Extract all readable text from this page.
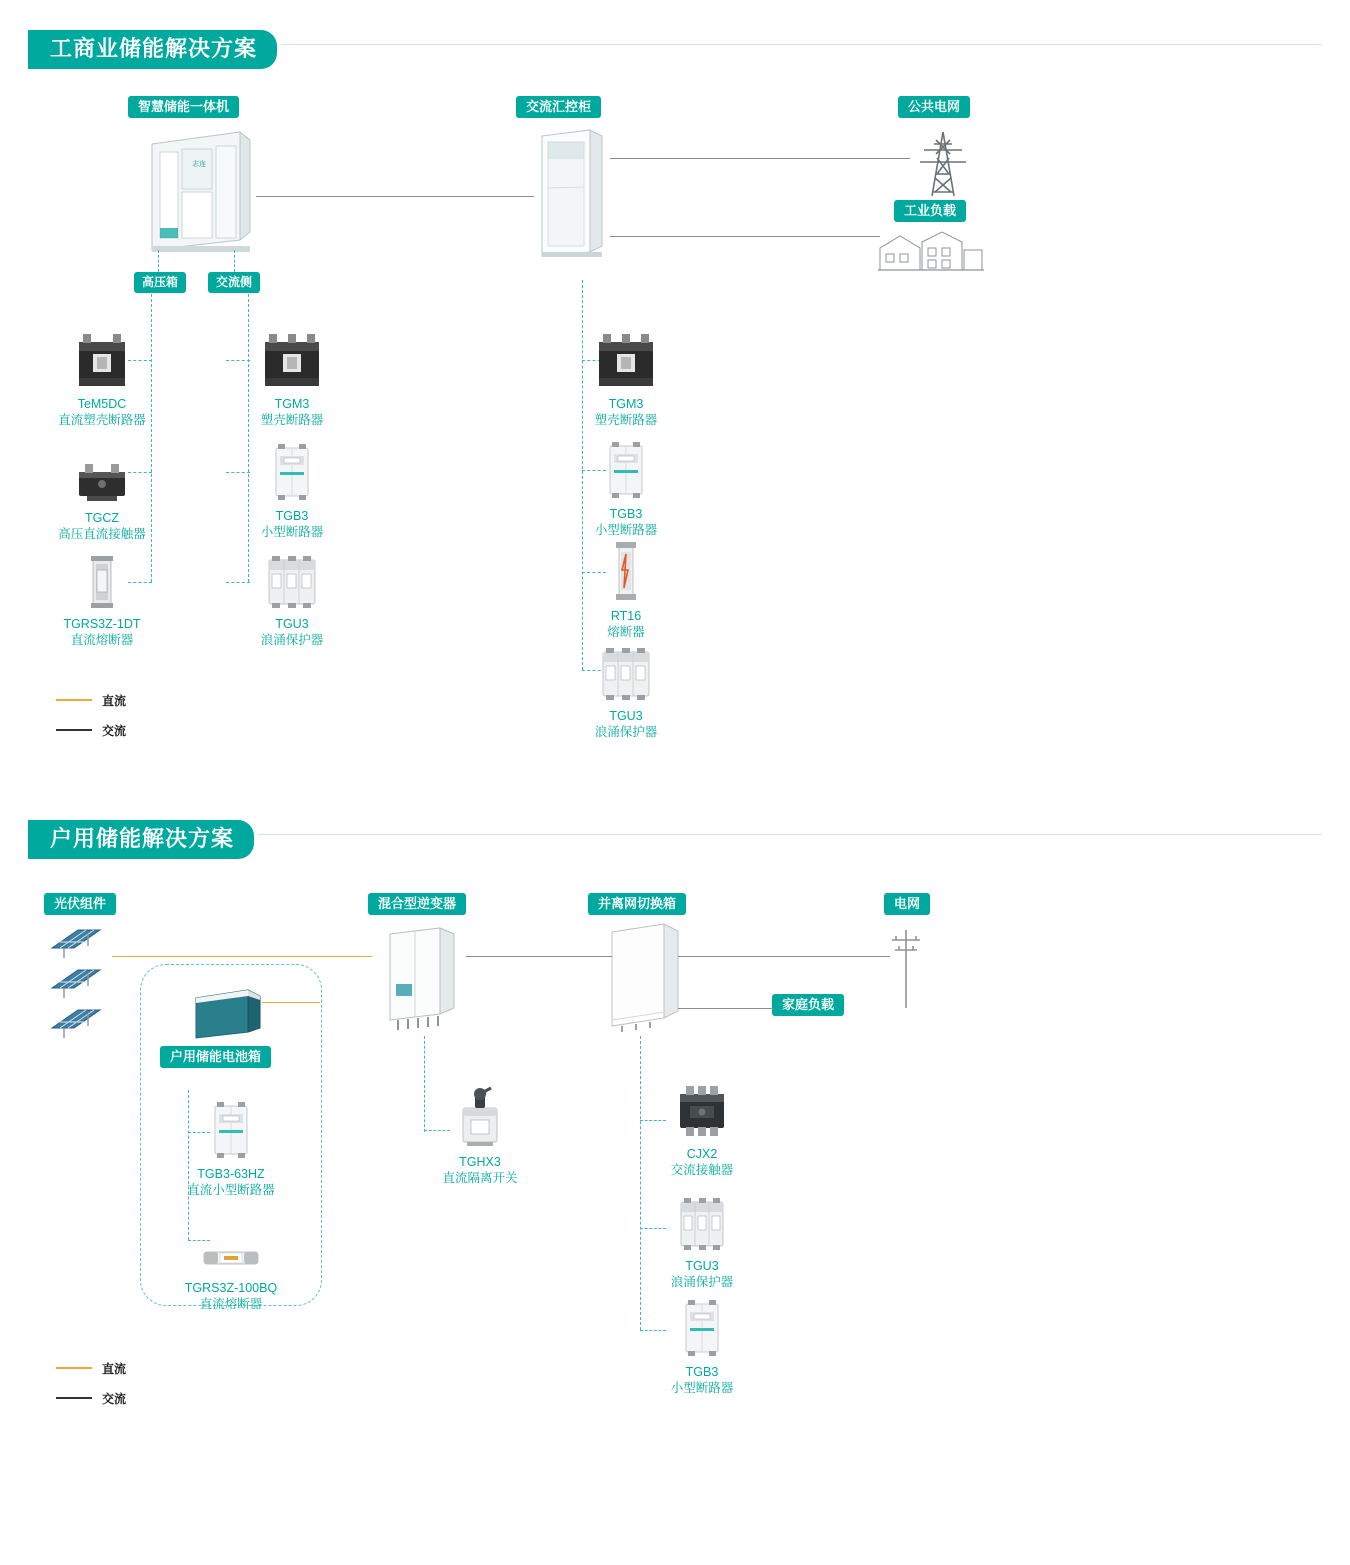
工商业储能解决方案
智慧储能一体机	交流汇控柜	公共电网
工业负载
志连
高压箱	交流侧
TeM5DC
直流塑壳断路器
TGCZ
高压直流接触器
TGRS3Z-1DT
直流熔断器
TGM3
塑壳断路器
TGB3
小型断路器
TGU3
浪涌保护器
TGM3
塑壳断路器
TGB3
小型断路器
RT16
熔断器
TGU3
浪涌保护器
直流
交流
户用储能解决方案
光伏组件	混合型逆变器	并离网切换箱	电网
家庭负载
户用储能电池箱
TGB3-63HZ
直流小型断路器
TGRS3Z-100BQ
直流熔断器
TGHX3
直流隔离开关
CJX2
交流接触器
TGU3
浪涌保护器
TGB3
小型断路器
直流
交流
